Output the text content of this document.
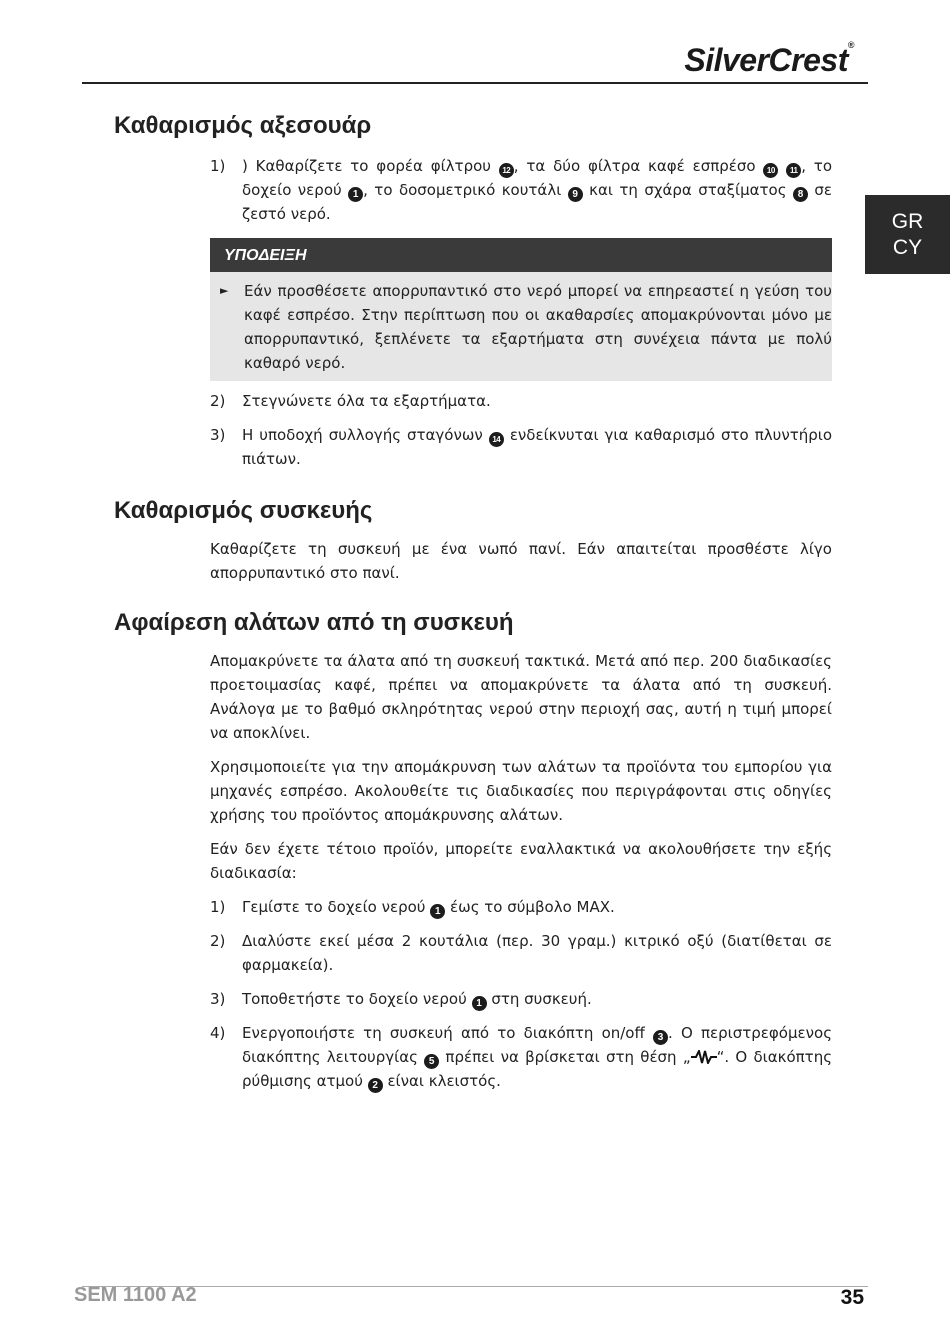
SilverCrest®
GR
CY
Καθαρισμός αξεσουάρ
1)	) Καθαρίζετε το φορέα φίλτρου 12 , τα δύο φίλτρα καφέ εσπρέσο 10 11 , το δοχείο νερού 1 , το δοσομετρικό κουτάλι 9 και τη σχάρα σταξίματος 8 σε ζεστό νερό.
ΥΠΟΔΕΙΞΗ
►	Εάν προσθέσετε απορρυπαντικό στο νερό μπορεί να επηρεαστεί η γεύση του καφέ εσπρέσο. Στην περίπτωση που οι ακαθαρσίες απομακρύνονται μόνο με απορρυπαντικό, ξεπλένετε τα εξαρτήματα στη συνέχεια πάντα με πολύ καθαρό νερό.

2)	Στεγνώνετε όλα τα εξαρτήματα.
3)	Η υποδοχή συλλογής σταγόνων 14 ενδείκνυται για καθαρισμό στο πλυντήριο πιάτων.
Καθαρισμός συσκευής

Καθαρίζετε τη συσκευή με ένα νωπό πανί. Εάν απαιτείται προσθέστε λίγο απορρυπαντικό στο πανί.

Αφαίρεση αλάτων από τη συσκευή

Απομακρύνετε τα άλατα από τη συσκευή τακτικά. Μετά από περ. 200 διαδικασίες προετοιμασίας καφέ, πρέπει να απομακρύνετε τα άλατα από τη συσκευή. Ανάλογα με το βαθμό σκληρότητας νερού στην περιοχή σας, αυτή η τιμή μπορεί να αποκλίνει.

Χρησιμοποιείτε για την απομάκρυνση των αλάτων τα προϊόντα του εμπορίου για μηχανές εσπρέσο. Ακολουθείτε τις διαδικασίες που περιγράφονται στις οδηγίες χρήσης του προϊόντος απομάκρυνσης αλάτων.

Εάν δεν έχετε τέτοιο προϊόν, μπορείτε εναλλακτικά να ακολουθήσετε την εξής διαδικασία:

1)	Γεμίστε το δοχείο νερού 1 έως το σύμβολο MAX.
2)	Διαλύστε εκεί μέσα 2 κουτάλια (περ. 30 γραμ.) κιτρικό οξύ (διατίθεται σε φαρμακεία).
3)	Τοποθετήστε το δοχείο νερού 1 στη συσκευή.
4)	Ενεργοποιήστε τη συσκευή από το διακόπτη on/off 3 . Ο περιστρεφόμενος διακόπτης λειτουργίας 5 πρέπει να βρίσκεται στη θέση „ “. Ο διακόπτης ρύθμισης ατμού 2 είναι κλειστός.
SEM 1100 A2	35
